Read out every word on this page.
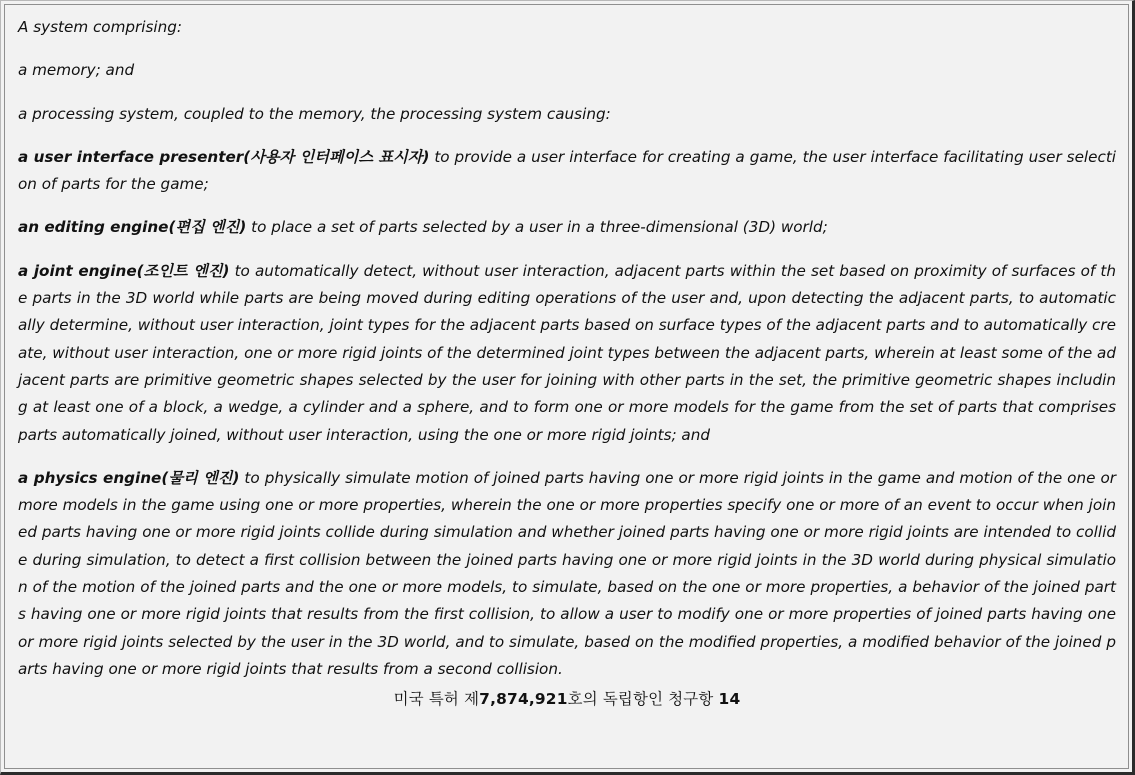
A system comprising:

a memory; and

a processing system, coupled to the memory, the processing system causing:

a user interface presenter(사용자 인터페이스 표시자) to provide a user interface for creating a game, the user interface facilitating user selection of parts for the game;

an editing engine(편집 엔진) to place a set of parts selected by a user in a three-dimensional (3D) world;

a joint engine(조인트 엔진) to automatically detect, without user interaction, adjacent parts within the set based on proximity of surfaces of the parts in the 3D world while parts are being moved during editing operations of the user and, upon detecting the adjacent parts, to automatically determine, without user interaction, joint types for the adjacent parts based on surface types of the adjacent parts and to automatically create, without user interaction, one or more rigid joints of the determined joint types between the adjacent parts, wherein at least some of the adjacent parts are primitive geometric shapes selected by the user for joining with other parts in the set, the primitive geometric shapes including at least one of a block, a wedge, a cylinder and a sphere, and to form one or more models for the game from the set of parts that comprises parts automatically joined, without user interaction, using the one or more rigid joints; and

a physics engine(물리 엔진) to physically simulate motion of joined parts having one or more rigid joints in the game and motion of the one or more models in the game using one or more properties, wherein the one or more properties specify one or more of an event to occur when joined parts having one or more rigid joints collide during simulation and whether joined parts having one or more rigid joints are intended to collide during simulation, to detect a first collision between the joined parts having one or more rigid joints in the 3D world during physical simulation of the motion of the joined parts and the one or more models, to simulate, based on the one or more properties, a behavior of the joined parts having one or more rigid joints that results from the first collision, to allow a user to modify one or more properties of joined parts having one or more rigid joints selected by the user in the 3D world, and to simulate, based on the modified properties, a modified behavior of the joined parts having one or more rigid joints that results from a second collision.

미국 특허 제7,874,921호의 독립항인 청구항 14
